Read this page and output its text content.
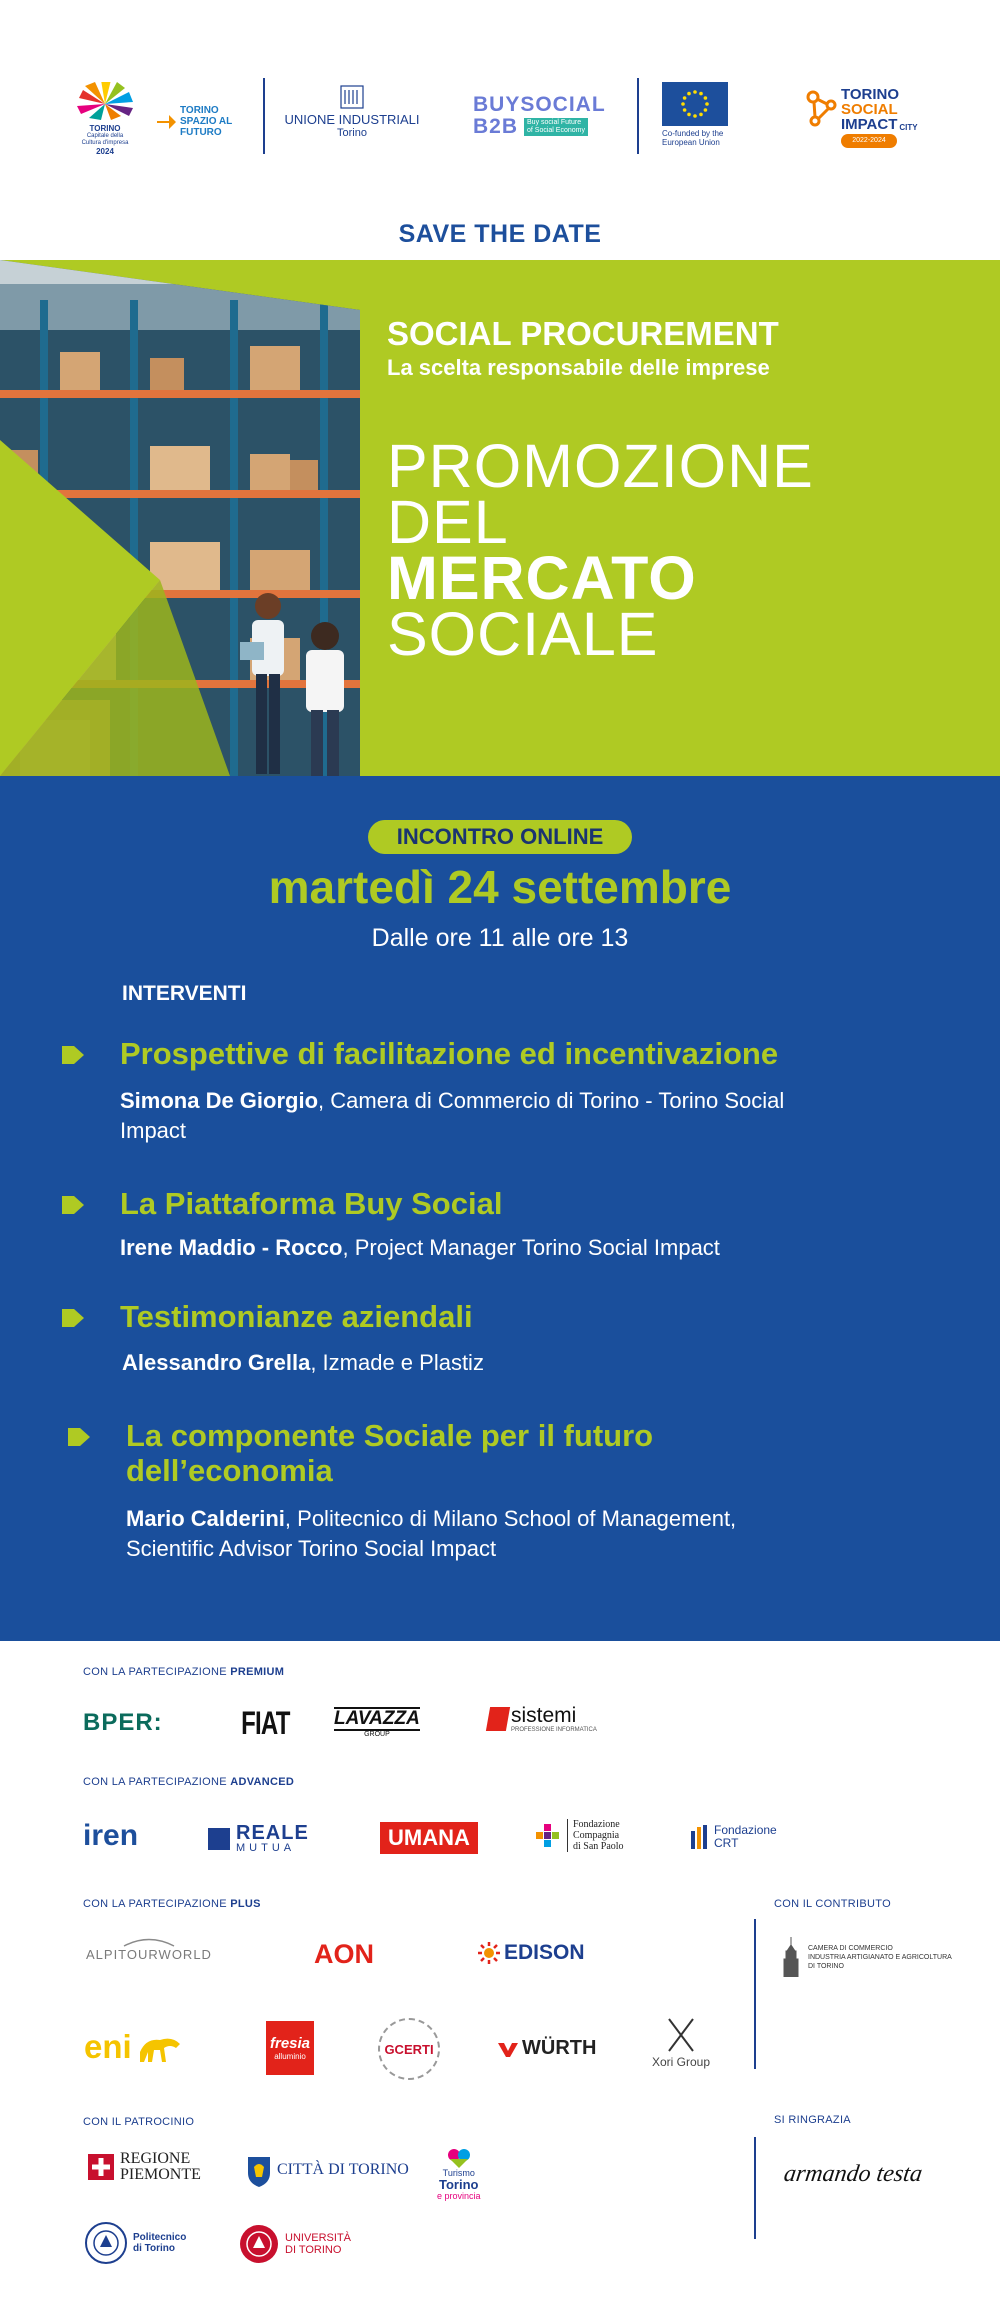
TORINO
Capitale della
Cultura d'impresa
2024
TORINO
SPAZIO AL
FUTURO
UNIONE INDUSTRIALI
Torino
BUYSOCIAL
B2B Buy social Future
of Social Economy	Co-funded by the
European Union
TORINO
SOCIAL
IMPACT CITY
2022-2024
SAVE THE DATE
SOCIAL PROCUREMENT
La scelta responsabile delle imprese
PROMOZIONE
DEL
MERCATO
SOCIALE
INCONTRO ONLINE
martedì 24 settembre
Dalle ore 11 alle ore 13
INTERVENTI
Prospettive di facilitazione ed incentivazione
Simona De Giorgio, Camera di Commercio di Torino - Torino Social
Impact
La Piattaforma Buy Social
Irene Maddio - Rocco, Project Manager Torino Social Impact
Testimonianze aziendali
Alessandro Grella, Izmade e Plastiz
La componente Sociale per il futuro
dell’economia
Mario Calderini, Politecnico di Milano School of Management,
Scientific Advisor Torino Social Impact
CON LA PARTECIPAZIONE PREMIUM
BPER: FIAT LAVAZZA
GROUP
sistemi
PROFESSIONE INFORMATICA
CON LA PARTECIPAZIONE ADVANCED
iren	REALE
MUTUA	UMANA
Fondazione
Compagnia
di San Paolo
Fondazione
CRT
CON LA PARTECIPAZIONE PLUS	CON IL CONTRIBUTO
ALPITOURWORLD	AON	EDISON	CAMERA DI COMMERCIO
INDUSTRIA ARTIGIANATO E AGRICOLTURA
DI TORINO
eni	fresia
alluminio	GCERTI	WÜRTH
Xori Group
CON IL PATROCINIO	SI RINGRAZIA
REGIONE
PIEMONTE	CITTÀ DI TORINO	Turismo
Torino
e provincia
armando testa
Politecnico
di Torino
UNIVERSITÀ
DI TORINO
